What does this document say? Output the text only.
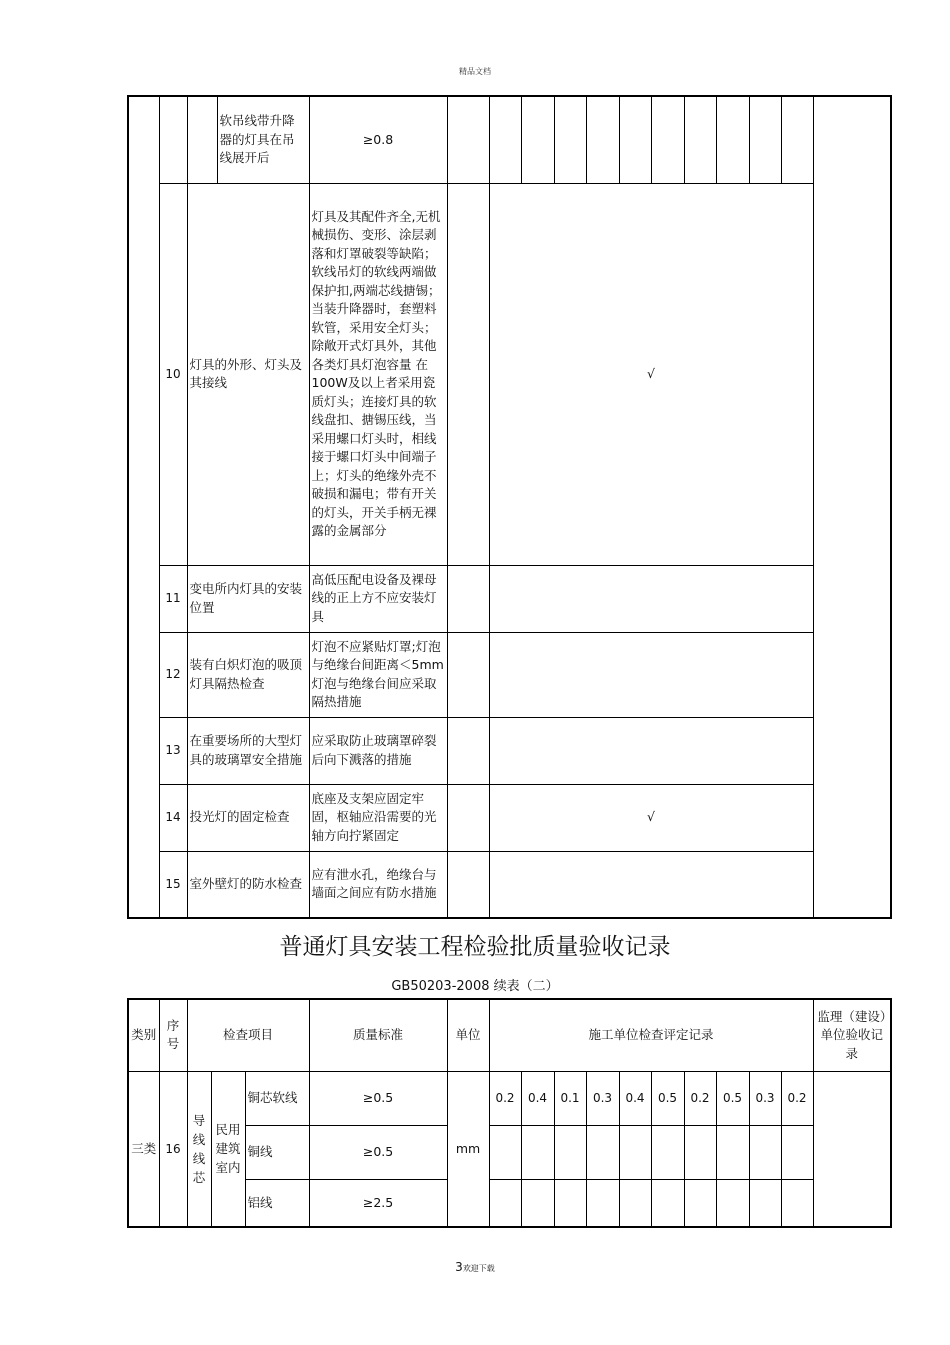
精品文档
			软吊线带升降器的灯具在吊线展开后	≥0.8												
	10	灯具的外形、灯头及其接线		灯具及其配件齐全,无机械损伤、变形、涂层剥落和灯罩破裂等缺陷；软线吊灯的软线两端做保护扣,两端芯线搪锡；当装升降器时，套塑料软管，采用安全灯头；除敞开式灯具外，其他各类灯具灯泡容量 在 100W及以上者采用瓷质灯头；连接灯具的软线盘扣、搪锡压线，当采用螺口灯头时，相线接于螺口灯头中间端子上；灯头的绝缘外壳不破损和漏电；带有开关的灯头，开关手柄无裸露的金属部分		√										
	11	变电所内灯具的安装位置		高低压配电设备及裸母线的正上方不应安装灯具												
	12	装有白炽灯泡的吸顶灯具隔热检查		灯泡不应紧贴灯罩;灯泡与绝缘台间距离＜5mm灯泡与绝缘台间应采取隔热措施												
	13	在重要场所的大型灯具的玻璃罩安全措施		应采取防止玻璃罩碎裂后向下溅落的措施												
	14	投光灯的固定检查		底座及支架应固定牢固，枢轴应沿需要的光轴方向拧紧固定		√										
	15	室外壁灯的防水检查		应有泄水孔，绝缘台与墙面之间应有防水措施												
普通灯具安装工程检验批质量验收记录
GB50203-2008 续表（二）
类别	序号	检查项目			质量标准	单位	施工单位检查评定记录										监理（建设）单位验收记录
三类	16	导线线芯	民用建筑室内	铜芯软线	≥0.5	mm	0.2	0.4	0.1	0.3	0.4	0.5	0.2	0.5	0.3	0.2	
				铜线	≥0.5												
				铝线	≥2.5												
3欢迎下载
